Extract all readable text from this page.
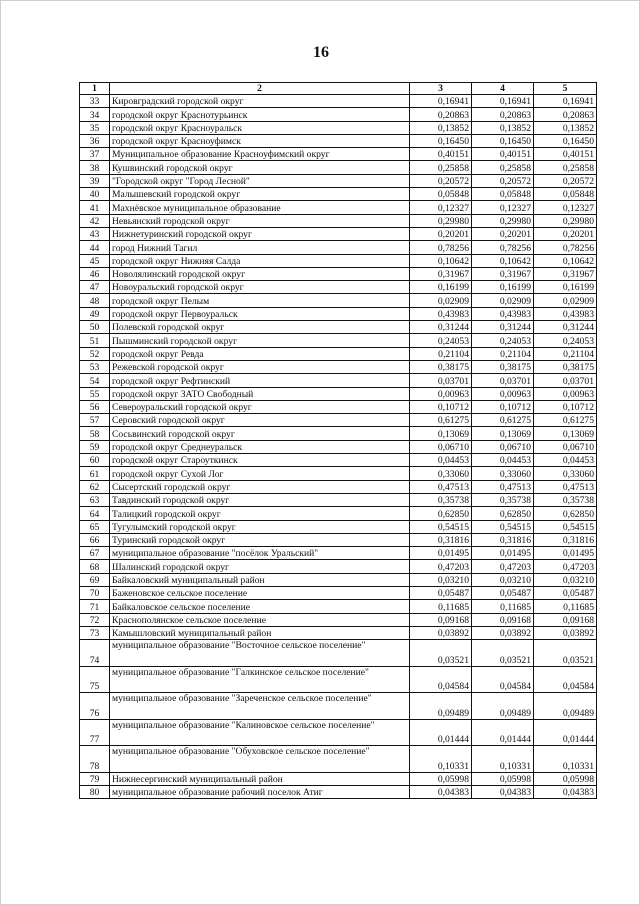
16
1	2	3	4	5
33	Кировградский городской округ	0,16941	0,16941	0,16941
34	городской округ Краснотурьинск	0,20863	0,20863	0,20863
35	городской округ Красноуральск	0,13852	0,13852	0,13852
36	городской округ Красноуфимск	0,16450	0,16450	0,16450
37	Муниципальное образование Красноуфимский округ	0,40151	0,40151	0,40151
38	Кушвинский городской округ	0,25858	0,25858	0,25858
39	"Городской округ "Город Лесной"	0,20572	0,20572	0,20572
40	Малышевский городской округ	0,05848	0,05848	0,05848
41	Махнёвское муниципальное образование	0,12327	0,12327	0,12327
42	Невьянский городской округ	0,29980	0,29980	0,29980
43	Нижнетуринский городской округ	0,20201	0,20201	0,20201
44	город Нижний Тагил	0,78256	0,78256	0,78256
45	городской округ Нижняя Салда	0,10642	0,10642	0,10642
46	Новолялинский городской округ	0,31967	0,31967	0,31967
47	Новоуральский городской округ	0,16199	0,16199	0,16199
48	городской округ Пелым	0,02909	0,02909	0,02909
49	городской округ Первоуральск	0,43983	0,43983	0,43983
50	Полевской городской округ	0,31244	0,31244	0,31244
51	Пышминский городской округ	0,24053	0,24053	0,24053
52	городской округ Ревда	0,21104	0,21104	0,21104
53	Режевской городской округ	0,38175	0,38175	0,38175
54	городской округ Рефтинский	0,03701	0,03701	0,03701
55	городской округ ЗАТО Свободный	0,00963	0,00963	0,00963
56	Североуральский городской округ	0,10712	0,10712	0,10712
57	Серовский городской округ	0,61275	0,61275	0,61275
58	Сосьвинский городской округ	0,13069	0,13069	0,13069
59	городской округ Среднеуральск	0,06710	0,06710	0,06710
60	городской округ Староуткинск	0,04453	0,04453	0,04453
61	городской округ Сухой Лог	0,33060	0,33060	0,33060
62	Сысертский городской округ	0,47513	0,47513	0,47513
63	Тавдинский городской округ	0,35738	0,35738	0,35738
64	Талицкий городской округ	0,62850	0,62850	0,62850
65	Тугулымский городской округ	0,54515	0,54515	0,54515
66	Туринский городской округ	0,31816	0,31816	0,31816
67	муниципальное образование "посёлок Уральский"	0,01495	0,01495	0,01495
68	Шалинский городской округ	0,47203	0,47203	0,47203
69	Байкаловский муниципальный район	0,03210	0,03210	0,03210
70	Баженовское сельское поселение	0,05487	0,05487	0,05487
71	Байкаловское сельское поселение	0,11685	0,11685	0,11685
72	Краснополянское сельское поселение	0,09168	0,09168	0,09168
73	Камышловский муниципальный район	0,03892	0,03892	0,03892
74	муниципальное образование "Восточное сельское поселение"	0,03521	0,03521	0,03521
75	муниципальное образование "Галкинское сельское поселение"	0,04584	0,04584	0,04584
76	муниципальное образование "Зареченское сельское поселение"	0,09489	0,09489	0,09489
77	муниципальное образование "Калиновское сельское поселение"	0,01444	0,01444	0,01444
78	муниципальное образование "Обуховское сельское поселение"	0,10331	0,10331	0,10331
79	Нижнесергинский муниципальный район	0,05998	0,05998	0,05998
80	муниципальное образование рабочий поселок Атиг	0,04383	0,04383	0,04383
